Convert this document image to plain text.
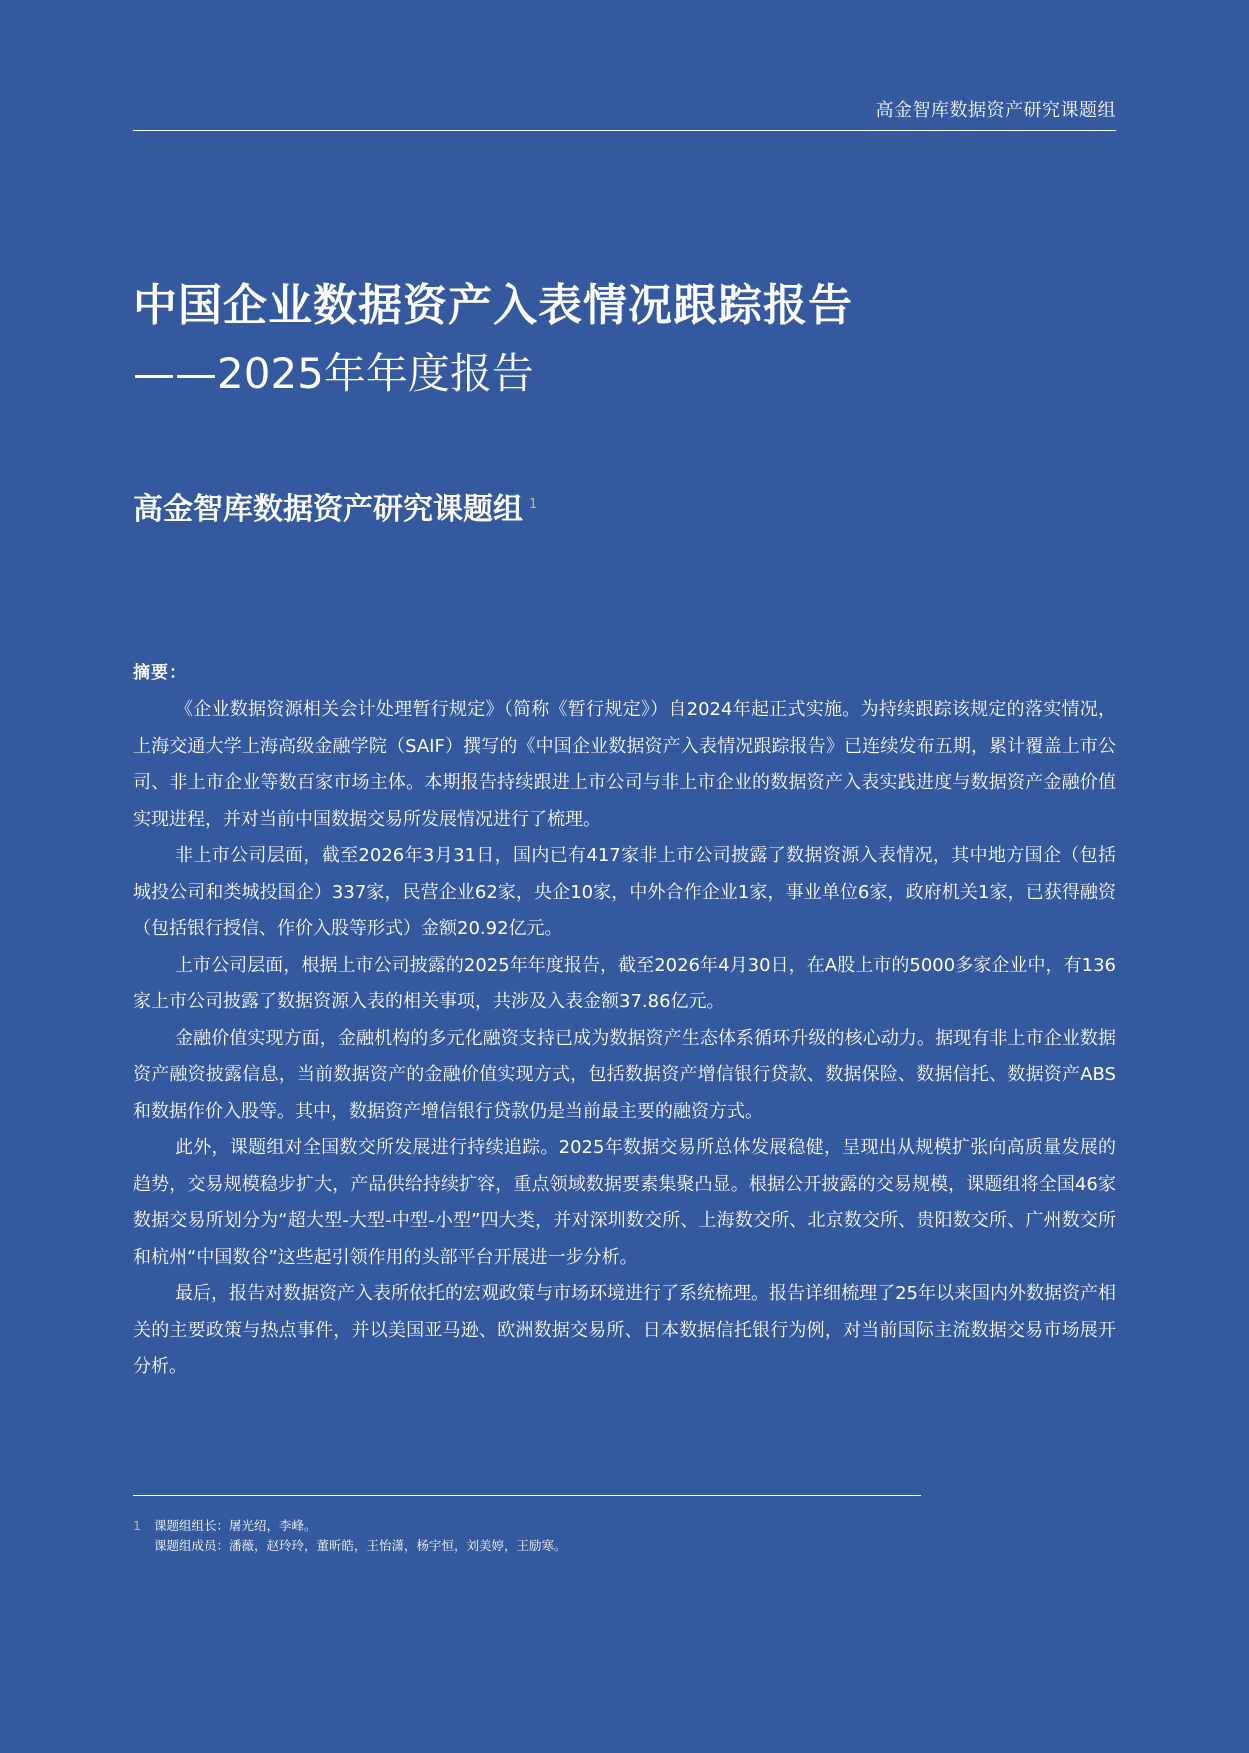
高金智库数据资产研究课题组
中国企业数据资产入表情况跟踪报告
——2025年年度报告
高金智库数据资产研究课题组 $^1$
摘要：

《企业数据资源相关会计处理暂行规定》（简称《暂行规定》）自2024年起正式实施。为持续跟踪该规定的落实情况，上海交通大学上海高级金融学院（SAIF）撰写的《中国企业数据资产入表情况跟踪报告》已连续发布五期，累计覆盖上市公司、非上市企业等数百家市场主体。本期报告持续跟进上市公司与非上市企业的数据资产入表实践进度与数据资产金融价值实现进程，并对当前中国数据交易所发展情况进行了梳理。

非上市公司层面，截至2026年3月31日，国内已有417家非上市公司披露了数据资源入表情况，其中地方国企（包括城投公司和类城投国企）337家，民营企业62家，央企10家，中外合作企业1家，事业单位6家，政府机关1家，已获得融资（包括银行授信、作价入股等形式）金额20.92亿元。

上市公司层面，根据上市公司披露的2025年年度报告，截至2026年4月30日，在A股上市的5000多家企业中，有136家上市公司披露了数据资源入表的相关事项，共涉及入表金额37.86亿元。

金融价值实现方面，金融机构的多元化融资支持已成为数据资产生态体系循环升级的核心动力。据现有非上市企业数据资产融资披露信息，当前数据资产的金融价值实现方式，包括数据资产增信银行贷款、数据保险、数据信托、数据资产ABS和数据作价入股等。其中，数据资产增信银行贷款仍是当前最主要的融资方式。

此外，课题组对全国数交所发展进行持续追踪。2025年数据交易所总体发展稳健，呈现出从规模扩张向高质量发展的趋势，交易规模稳步扩大，产品供给持续扩容，重点领域数据要素集聚凸显。根据公开披露的交易规模，课题组将全国46家数据交易所划分为“超大型-大型-中型-小型”四大类，并对深圳数交所、上海数交所、北京数交所、贵阳数交所、广州数交所和杭州“中国数谷”这些起引领作用的头部平台开展进一步分析。

最后，报告对数据资产入表所依托的宏观政策与市场环境进行了系统梳理。报告详细梳理了25年以来国内外数据资产相关的主要政策与热点事件，并以美国亚马逊、欧洲数据交易所、日本数据信托银行为例，对当前国际主流数据交易市场展开分析。

1	课题组组长：屠光绍，李峰。
课题组成员：潘薇，赵玲玲，董昕皓，王怡潇，杨宇恒，刘美婷，王励寒。
